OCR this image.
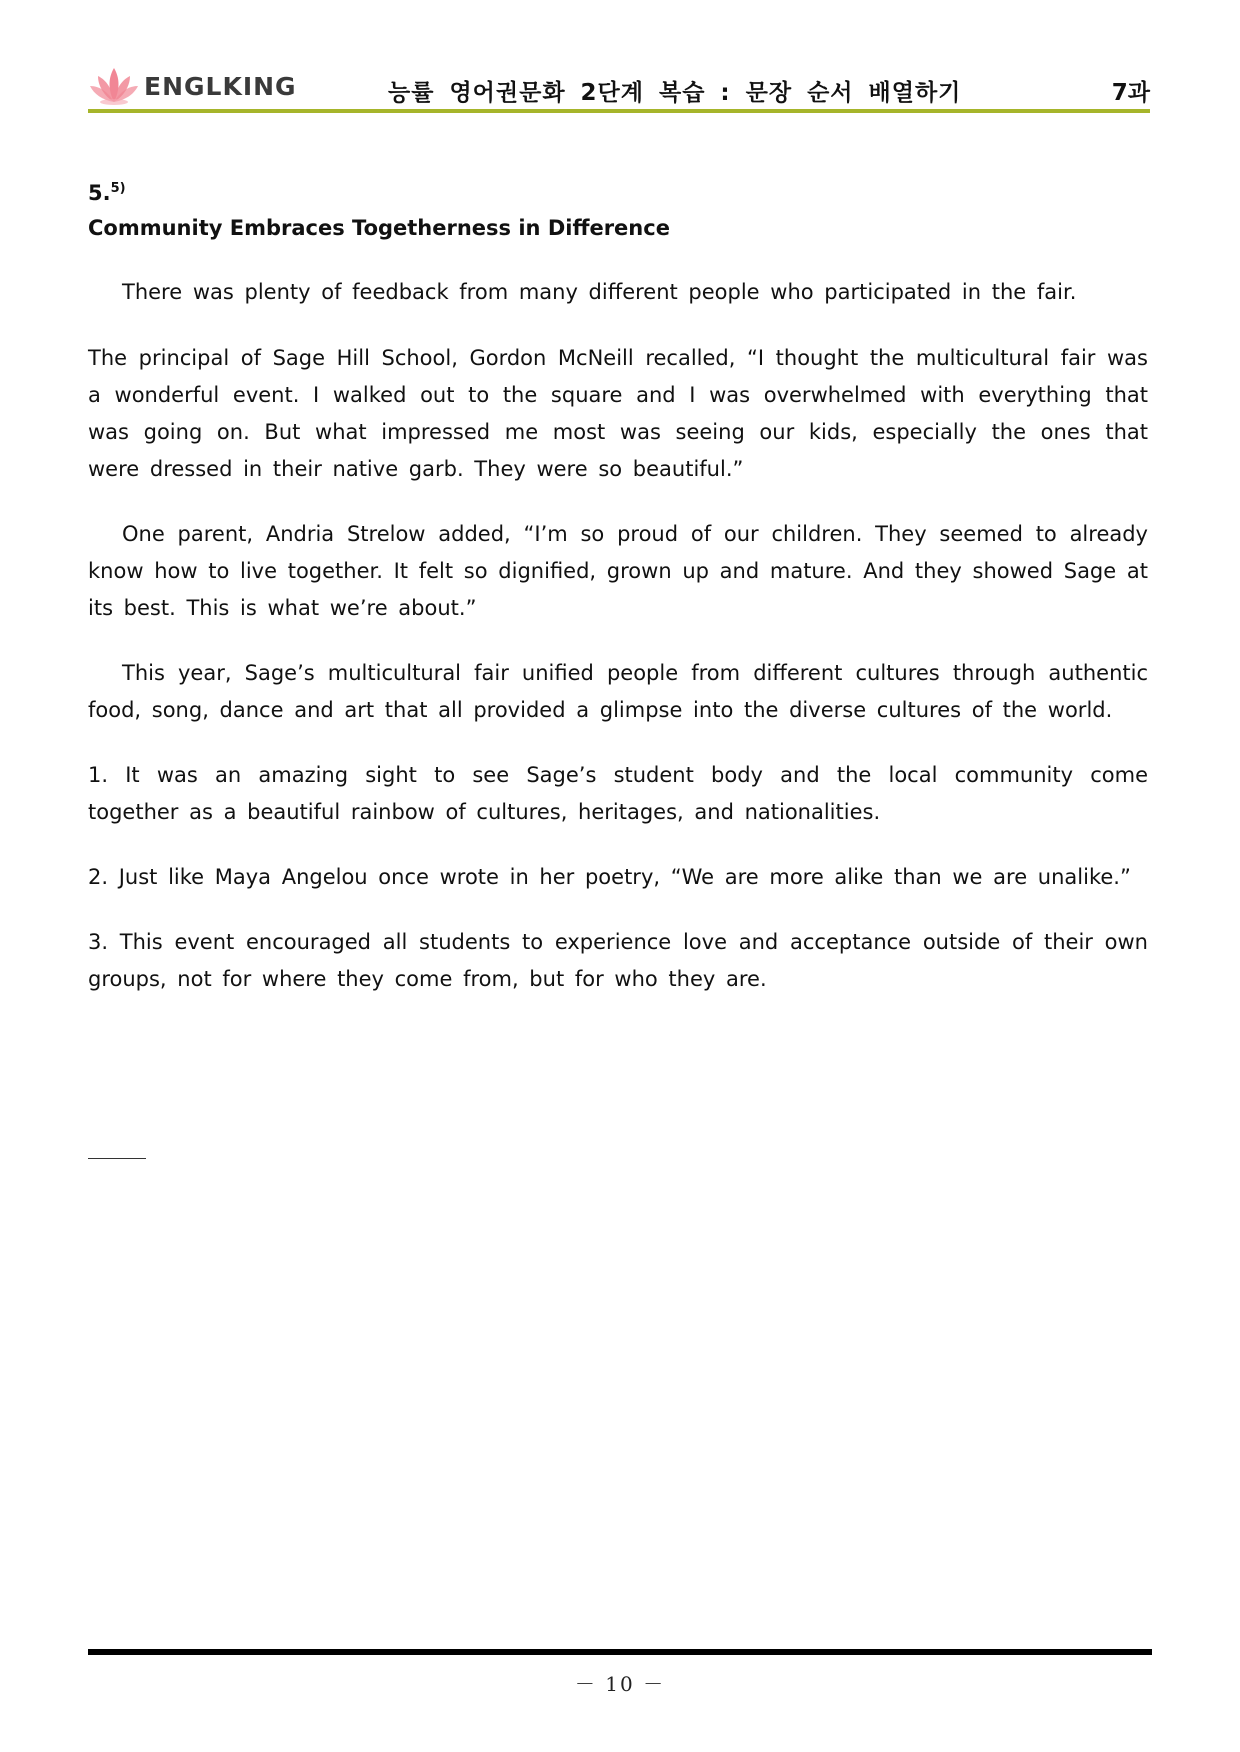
ENGLKING	능률 영어권문화 2단계 복습 : 문장 순서 배열하기	7과
5.$^{5)}$
Community Embraces Togetherness in Difference

There was plenty of feedback from many different people who participated in the fair.

The principal of Sage Hill School, Gordon McNeill recalled, “I thought the multicultural fair was a wonderful event. I walked out to the square and I was overwhelmed with everything that was going on. But what impressed me most was seeing our kids, especially the ones that were dressed in their native garb. They were so beautiful.”

One parent, Andria Strelow added, “I’m so proud of our children. They seemed to already know how to live together. It felt so dignified, grown up and mature. And they showed Sage at its best. This is what we’re about.”

This year, Sage’s multicultural fair unified people from different cultures through authentic food, song, dance and art that all provided a glimpse into the diverse cultures of the world.

1. It was an amazing sight to see Sage’s student body and the local community come together as a beautiful rainbow of cultures, heritages, and nationalities.

2. Just like Maya Angelou once wrote in her poetry, “We are more alike than we are unalike.”

3. This event encouraged all students to experience love and acceptance outside of their own groups, not for where they come from, but for who they are.

－ 10 －
